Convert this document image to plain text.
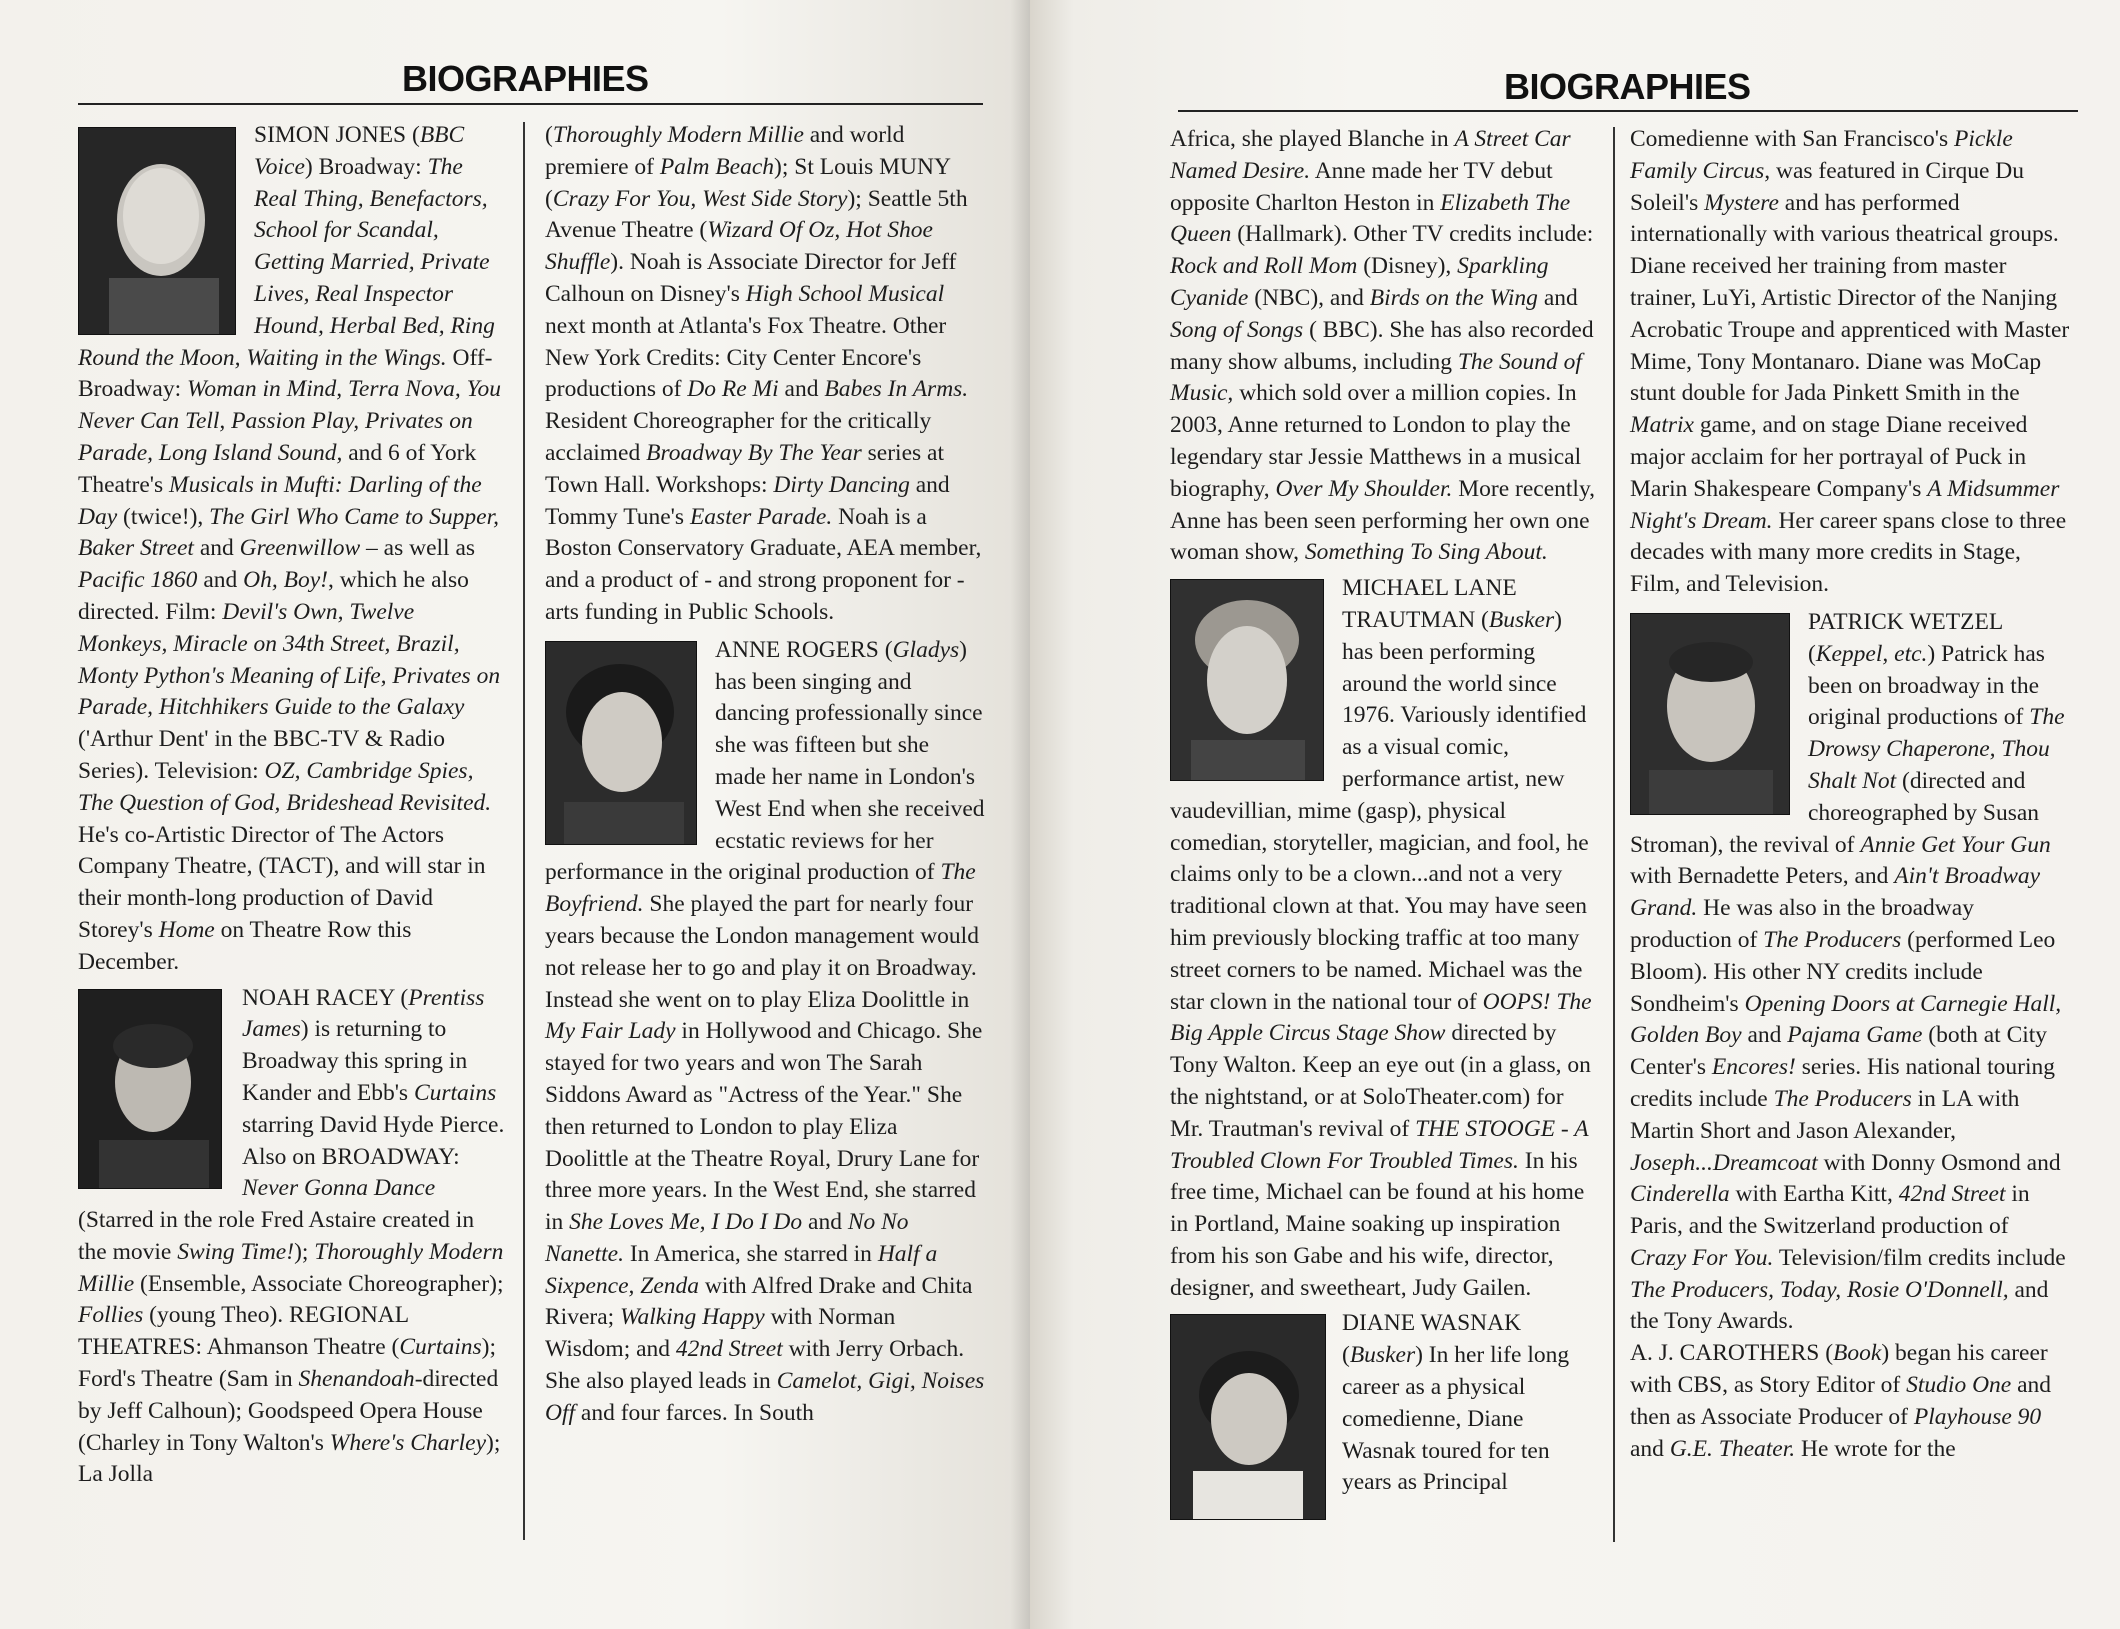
BIOGRAPHIES

SIMON JONES (BBC Voice) Broadway: The Real Thing, Benefactors, School for Scandal, Getting Married, Private Lives, Real Inspector Hound, Herbal Bed, Ring Round the Moon, Waiting in the Wings. Off-Broadway: Woman in Mind, Terra Nova, You Never Can Tell, Passion Play, Privates on Parade, Long Island Sound, and 6 of York Theatre's Musicals in Mufti: Darling of the Day (twice!), The Girl Who Came to Supper, Baker Street and Greenwillow – as well as Pacific 1860 and Oh, Boy!, which he also directed. Film: Devil's Own, Twelve Monkeys, Miracle on 34th Street, Brazil, Monty Python's Meaning of Life, Privates on Parade, Hitchhikers Guide to the Galaxy ('Arthur Dent' in the BBC-TV & Radio Series). Television: OZ, Cambridge Spies, The Question of God, Brideshead Revisited. He's co-Artistic Director of The Actors Company Theatre, (TACT), and will star in their month-long production of David Storey's Home on Theatre Row this December.

NOAH RACEY (Prentiss James) is returning to Broadway this spring in Kander and Ebb's Curtains starring David Hyde Pierce. Also on BROADWAY: Never Gonna Dance (Starred in the role Fred Astaire created in the movie Swing Time!); Thoroughly Modern Millie (Ensemble, Associate Choreographer); Follies (young Theo). REGIONAL THEATRES: Ahmanson Theatre (Curtains); Ford's Theatre (Sam in Shenandoah-directed by Jeff Calhoun); Goodspeed Opera House (Charley in Tony Walton's Where's Charley); La Jolla

(Thoroughly Modern Millie and world premiere of Palm Beach); St Louis MUNY (Crazy For You, West Side Story); Seattle 5th Avenue Theatre (Wizard Of Oz, Hot Shoe Shuffle). Noah is Associate Director for Jeff Calhoun on Disney's High School Musical next month at Atlanta's Fox Theatre. Other New York Credits: City Center Encore's productions of Do Re Mi and Babes In Arms. Resident Choreographer for the critically acclaimed Broadway By The Year series at Town Hall. Workshops: Dirty Dancing and Tommy Tune's Easter Parade. Noah is a Boston Conservatory Graduate, AEA member, and a product of - and strong proponent for - arts funding in Public Schools.

ANNE ROGERS (Gladys) has been singing and dancing professionally since she was fifteen but she made her name in London's West End when she received ecstatic reviews for her performance in the original production of The Boyfriend. She played the part for nearly four years because the London management would not release her to go and play it on Broadway. Instead she went on to play Eliza Doolittle in My Fair Lady in Hollywood and Chicago. She stayed for two years and won The Sarah Siddons Award as "Actress of the Year." She then returned to London to play Eliza Doolittle at the Theatre Royal, Drury Lane for three more years. In the West End, she starred in She Loves Me, I Do I Do and No No Nanette. In America, she starred in Half a Sixpence, Zenda with Alfred Drake and Chita Rivera; Walking Happy with Norman Wisdom; and 42nd Street with Jerry Orbach. She also played leads in Camelot, Gigi, Noises Off and four farces. In South

BIOGRAPHIES

Africa, she played Blanche in A Street Car Named Desire. Anne made her TV debut opposite Charlton Heston in Elizabeth The Queen (Hallmark). Other TV credits include: Rock and Roll Mom (Disney), Sparkling Cyanide (NBC), and Birds on the Wing and Song of Songs ( BBC). She has also recorded many show albums, including The Sound of Music, which sold over a million copies. In 2003, Anne returned to London to play the legendary star Jessie Matthews in a musical biography, Over My Shoulder. More recently, Anne has been seen performing her own one woman show, Something To Sing About.

MICHAEL LANE TRAUTMAN (Busker) has been performing around the world since 1976. Variously identified as a visual comic, performance artist, new vaudevillian, mime (gasp), physical comedian, storyteller, magician, and fool, he claims only to be a clown...and not a very traditional clown at that. You may have seen him previously blocking traffic at too many street corners to be named. Michael was the star clown in the national tour of OOPS! The Big Apple Circus Stage Show directed by Tony Walton. Keep an eye out (in a glass, on the nightstand, or at SoloTheater.com) for Mr. Trautman's revival of THE STOOGE - A Troubled Clown For Troubled Times. In his free time, Michael can be found at his home in Portland, Maine soaking up inspiration from his son Gabe and his wife, director, designer, and sweetheart, Judy Gailen.

DIANE WASNAK (Busker) In her life long career as a physical comedienne, Diane Wasnak toured for ten years as Principal

Comedienne with San Francisco's Pickle Family Circus, was featured in Cirque Du Soleil's Mystere and has performed internationally with various theatrical groups. Diane received her training from master trainer, LuYi, Artistic Director of the Nanjing Acrobatic Troupe and apprenticed with Master Mime, Tony Montanaro. Diane was MoCap stunt double for Jada Pinkett Smith in the Matrix game, and on stage Diane received major acclaim for her portrayal of Puck in Marin Shakespeare Company's A Midsummer Night's Dream. Her career spans close to three decades with many more credits in Stage, Film, and Television.

PATRICK WETZEL (Keppel, etc.) Patrick has been on broadway in the original productions of The Drowsy Chaperone, Thou Shalt Not (directed and choreographed by Susan Stroman), the revival of Annie Get Your Gun with Bernadette Peters, and Ain't Broadway Grand. He was also in the broadway production of The Producers (performed Leo Bloom). His other NY credits include Sondheim's Opening Doors at Carnegie Hall, Golden Boy and Pajama Game (both at City Center's Encores! series. His national touring credits include The Producers in LA with Martin Short and Jason Alexander, Joseph...Dreamcoat with Donny Osmond and Cinderella with Eartha Kitt, 42nd Street in Paris, and the Switzerland production of Crazy For You. Television/film credits include The Producers, Today, Rosie O'Donnell, and the Tony Awards.

A. J. CAROTHERS (Book) began his career with CBS, as Story Editor of Studio One and then as Associate Producer of Playhouse 90 and G.E. Theater. He wrote for the
